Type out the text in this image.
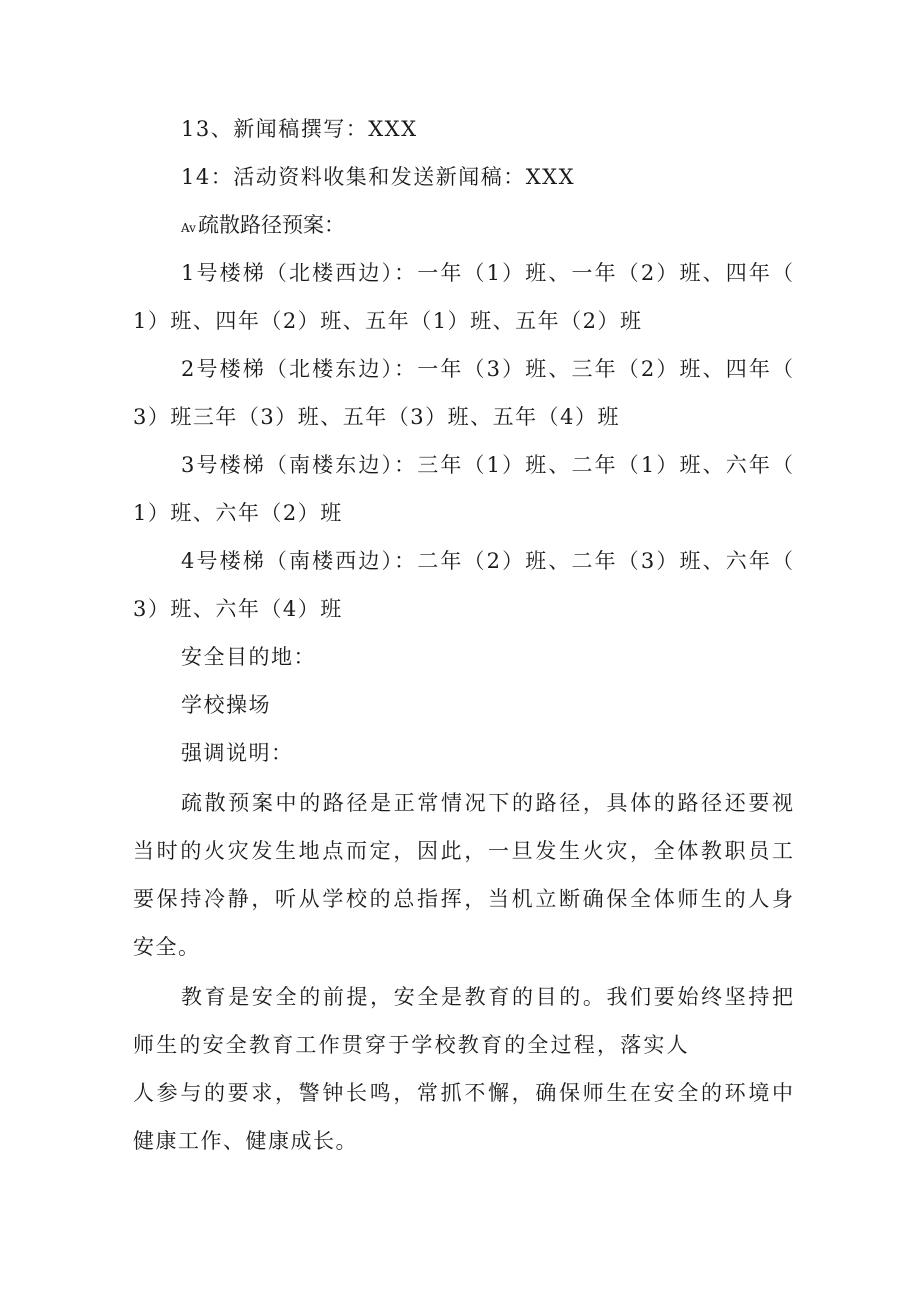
13、新闻稿撰写：XXX
14：活动资料收集和发送新闻稿：XXX
Av疏散路径预案：
1号楼梯（北楼西边）：一年（1）班、一年（2）班、四年（
1）班、四年（2）班、五年（1）班、五年（2）班
2号楼梯（北楼东边）：一年（3）班、三年（2）班、四年（
3）班三年（3）班、五年（3）班、五年（4）班
3号楼梯（南楼东边）：三年（1）班、二年（1）班、六年（
1）班、六年（2）班
4号楼梯（南楼西边）：二年（2）班、二年（3）班、六年（
3）班、六年（4）班
安全目的地：
学校操场
强调说明：
疏散预案中的路径是正常情况下的路径，具体的路径还要视
当时的火灾发生地点而定，因此，一旦发生火灾，全体教职员工
要保持冷静，听从学校的总指挥，当机立断确保全体师生的人身
安全。
教育是安全的前提，安全是教育的目的。我们要始终坚持把
师生的安全教育工作贯穿于学校教育的全过程，落实人
人参与的要求，警钟长鸣，常抓不懈，确保师生在安全的环境中
健康工作、健康成长。
